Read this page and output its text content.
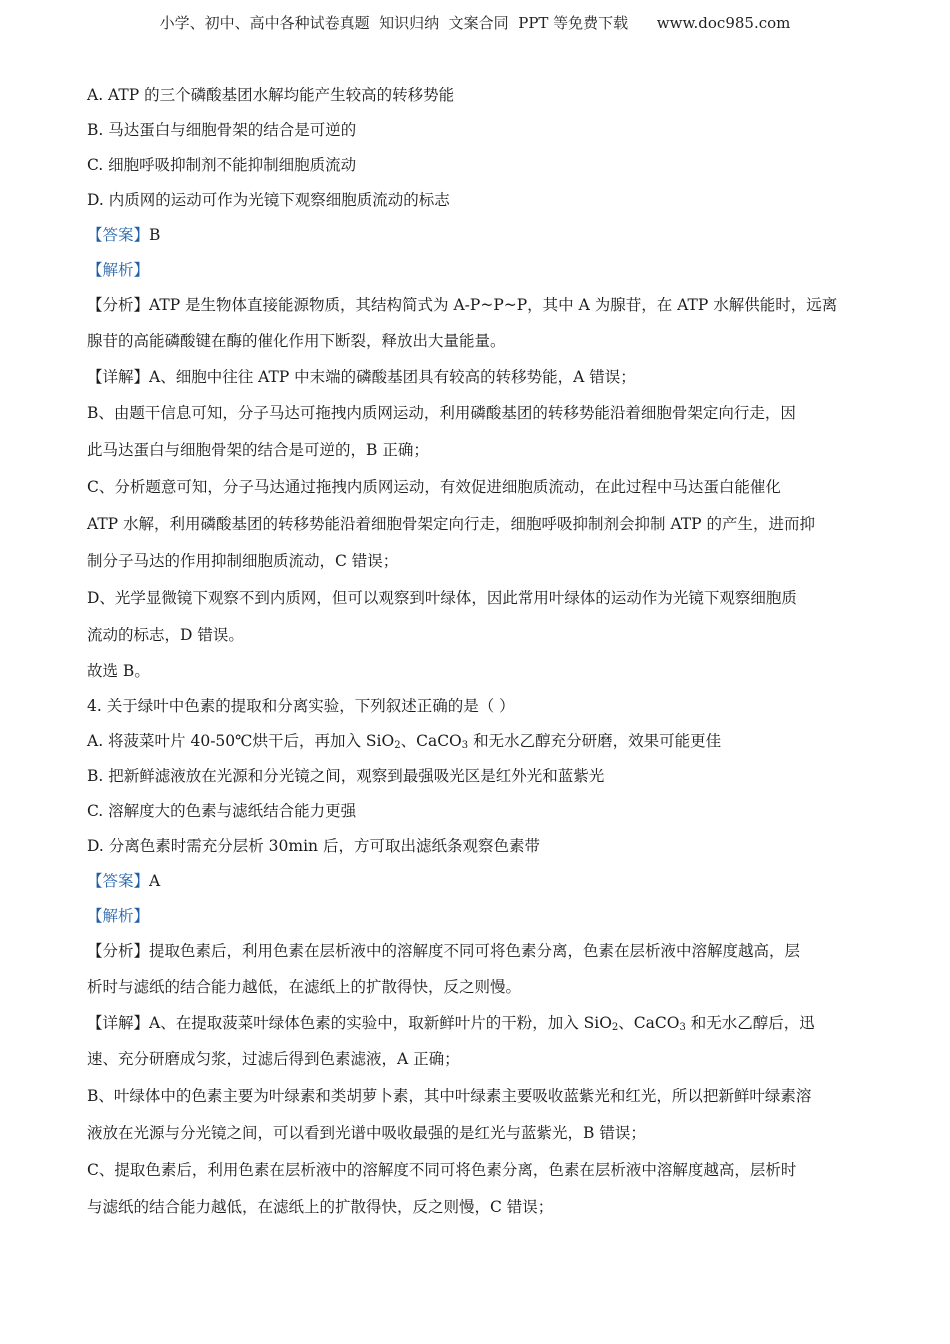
小学、初中、高中各种试卷真题  知识归纳  文案合同  PPT 等免费下载      www.doc985.com
A. ATP 的三个磷酸基团水解均能产生较高的转移势能
B. 马达蛋白与细胞骨架的结合是可逆的
C. 细胞呼吸抑制剂不能抑制细胞质流动
D. 内质网的运动可作为光镜下观察细胞质流动的标志
【答案】B
【解析】
【分析】ATP 是生物体直接能源物质，其结构简式为 A-P~P~P，其中 A 为腺苷，在 ATP 水解供能时，远离
腺苷的高能磷酸键在酶的催化作用下断裂，释放出大量能量。
【详解】A、细胞中往往 ATP 中末端的磷酸基团具有较高的转移势能，A 错误；
B、由题干信息可知，分子马达可拖拽内质网运动，利用磷酸基团的转移势能沿着细胞骨架定向行走，因
此马达蛋白与细胞骨架的结合是可逆的，B 正确；
C、分析题意可知，分子马达通过拖拽内质网运动，有效促进细胞质流动，在此过程中马达蛋白能催化
ATP 水解，利用磷酸基团的转移势能沿着细胞骨架定向行走，细胞呼吸抑制剂会抑制 ATP 的产生，进而抑
制分子马达的作用抑制细胞质流动，C 错误；
D、光学显微镜下观察不到内质网，但可以观察到叶绿体，因此常用叶绿体的运动作为光镜下观察细胞质
流动的标志，D 错误。
故选 B。
4. 关于绿叶中色素的提取和分离实验，下列叙述正确的是（ ）
A. 将菠菜叶片 40-50℃烘干后，再加入 SiO$_2$、CaCO$_3$ 和无水乙醇充分研磨，效果可能更佳
B. 把新鲜滤液放在光源和分光镜之间，观察到最强吸光区是红外光和蓝紫光
C. 溶解度大的色素与滤纸结合能力更强
D. 分离色素时需充分层析 30min 后，方可取出滤纸条观察色素带
【答案】A
【解析】
【分析】提取色素后，利用色素在层析液中的溶解度不同可将色素分离，色素在层析液中溶解度越高，层
析时与滤纸的结合能力越低，在滤纸上的扩散得快，反之则慢。
【详解】A、在提取菠菜叶绿体色素的实验中，取新鲜叶片的干粉，加入 SiO$_2$、CaCO$_3$ 和无水乙醇后，迅
速、充分研磨成匀浆，过滤后得到色素滤液，A 正确；
B、叶绿体中的色素主要为叶绿素和类胡萝卜素，其中叶绿素主要吸收蓝紫光和红光，所以把新鲜叶绿素溶
液放在光源与分光镜之间，可以看到光谱中吸收最强的是红光与蓝紫光，B 错误；
C、提取色素后，利用色素在层析液中的溶解度不同可将色素分离，色素在层析液中溶解度越高，层析时
与滤纸的结合能力越低，在滤纸上的扩散得快，反之则慢，C 错误；
